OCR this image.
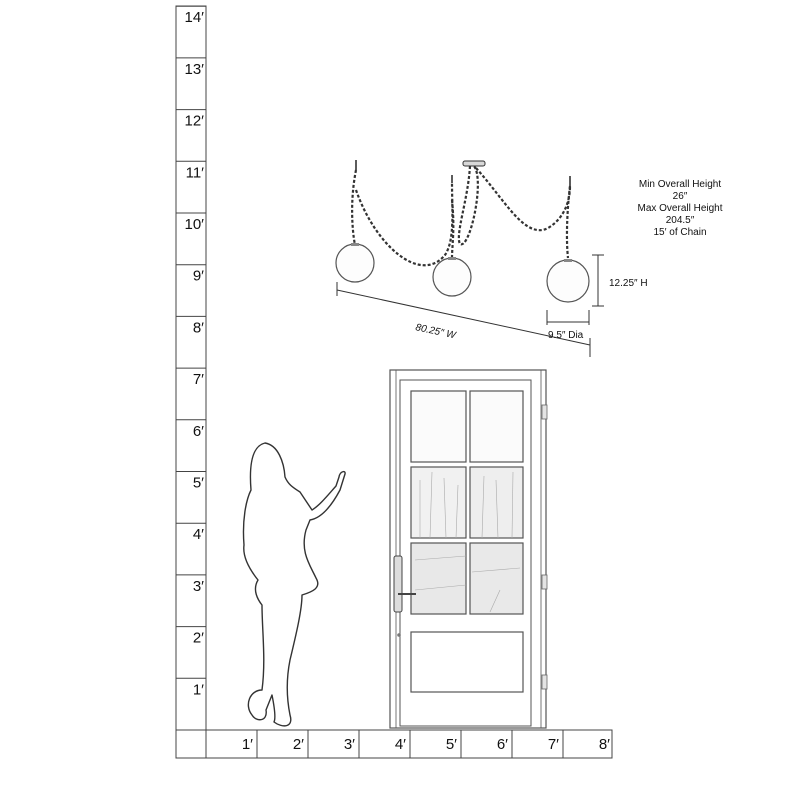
1′
2′
3′
4′
5′
6′
7′
8′
9′
10′
11′
12′
13′
14′
1′	2′	3′	4′	5′	6′	7′	8′
80.25″ W
12.25″ H
9.5″ Dia
Min Overall Height
26″
Max Overall Height
204.5″
15′ of Chain
